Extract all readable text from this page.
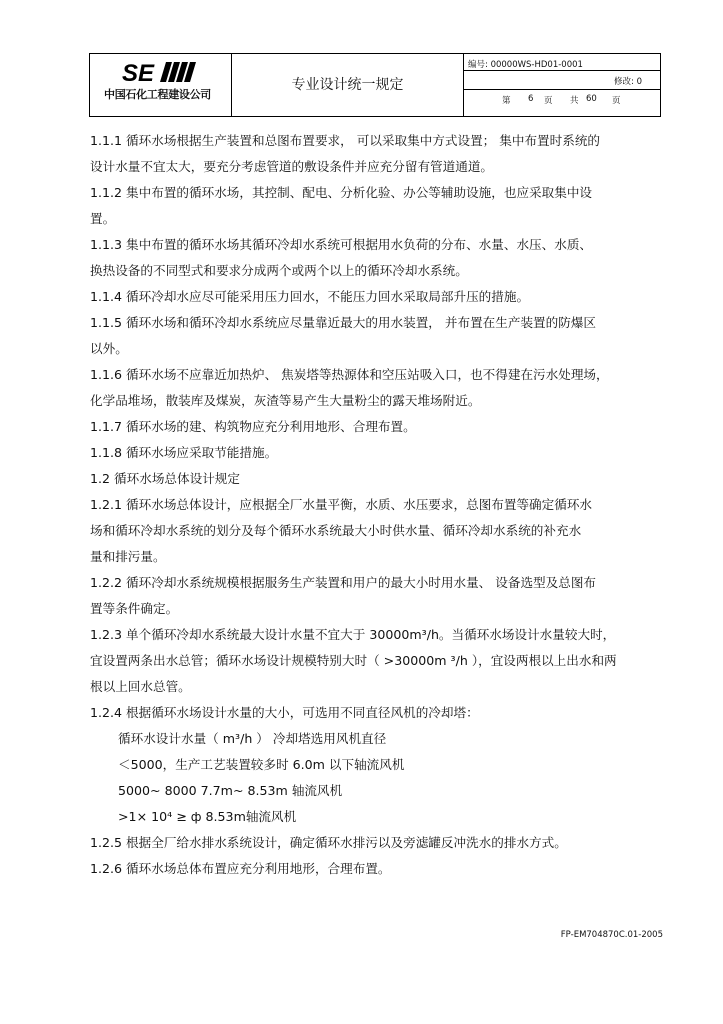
SE
中国石化工程建设公司
专业设计统一规定
编号: 00000WS-HD01-0001
修改: 0
第 6 页 共 60 页
1.1.1 循环水场根据生产装置和总图布置要求， 可以采取集中方式设置； 集中布置时系统的
设计水量不宜太大，要充分考虑管道的敷设条件并应充分留有管道通道。
1.1.2 集中布置的循环水场，其控制、配电、分析化验、办公等辅助设施，也应采取集中设
置。
1.1.3 集中布置的循环水场其循环冷却水系统可根据用水负荷的分布、水量、水压、水质、
换热设备的不同型式和要求分成两个或两个以上的循环冷却水系统。
1.1.4 循环冷却水应尽可能采用压力回水，不能压力回水采取局部升压的措施。
1.1.5 循环水场和循环冷却水系统应尽量靠近最大的用水装置， 并布置在生产装置的防爆区
以外。
1.1.6 循环水场不应靠近加热炉、 焦炭塔等热源体和空压站吸入口，也不得建在污水处理场，
化学品堆场，散装库及煤炭，灰渣等易产生大量粉尘的露天堆场附近。
1.1.7 循环水场的建、构筑物应充分利用地形、合理布置。
1.1.8 循环水场应采取节能措施。
1.2 循环水场总体设计规定
1.2.1 循环水场总体设计，应根据全厂水量平衡，水质、水压要求，总图布置等确定循环水
场和循环冷却水系统的划分及每个循环水系统最大小时供水量、循环冷却水系统的补充水
量和排污量。
1.2.2 循环冷却水系统规模根据服务生产装置和用户的最大小时用水量、 设备选型及总图布
置等条件确定。
1.2.3 单个循环冷却水系统最大设计水量不宜大于 30000m³/h。当循环水场设计水量较大时，
宜设置两条出水总管；循环水场设计规模特别大时（ >30000m ³/h ），宜设两根以上出水和两
根以上回水总管。
1.2.4 根据循环水场设计水量的大小，可选用不同直径风机的冷却塔：
循环水设计水量（ m³/h ） 冷却塔选用风机直径
＜5000，生产工艺装置较多时 6.0m 以下轴流风机
5000~ 8000 7.7m~ 8.53m 轴流风机
>1× 10⁴ ≥ ф 8.53m轴流风机
1.2.5 根据全厂给水排水系统设计，确定循环水排污以及旁滤罐反冲洗水的排水方式。
1.2.6 循环水场总体布置应充分利用地形，合理布置。
FP-EM704870C.01-2005
